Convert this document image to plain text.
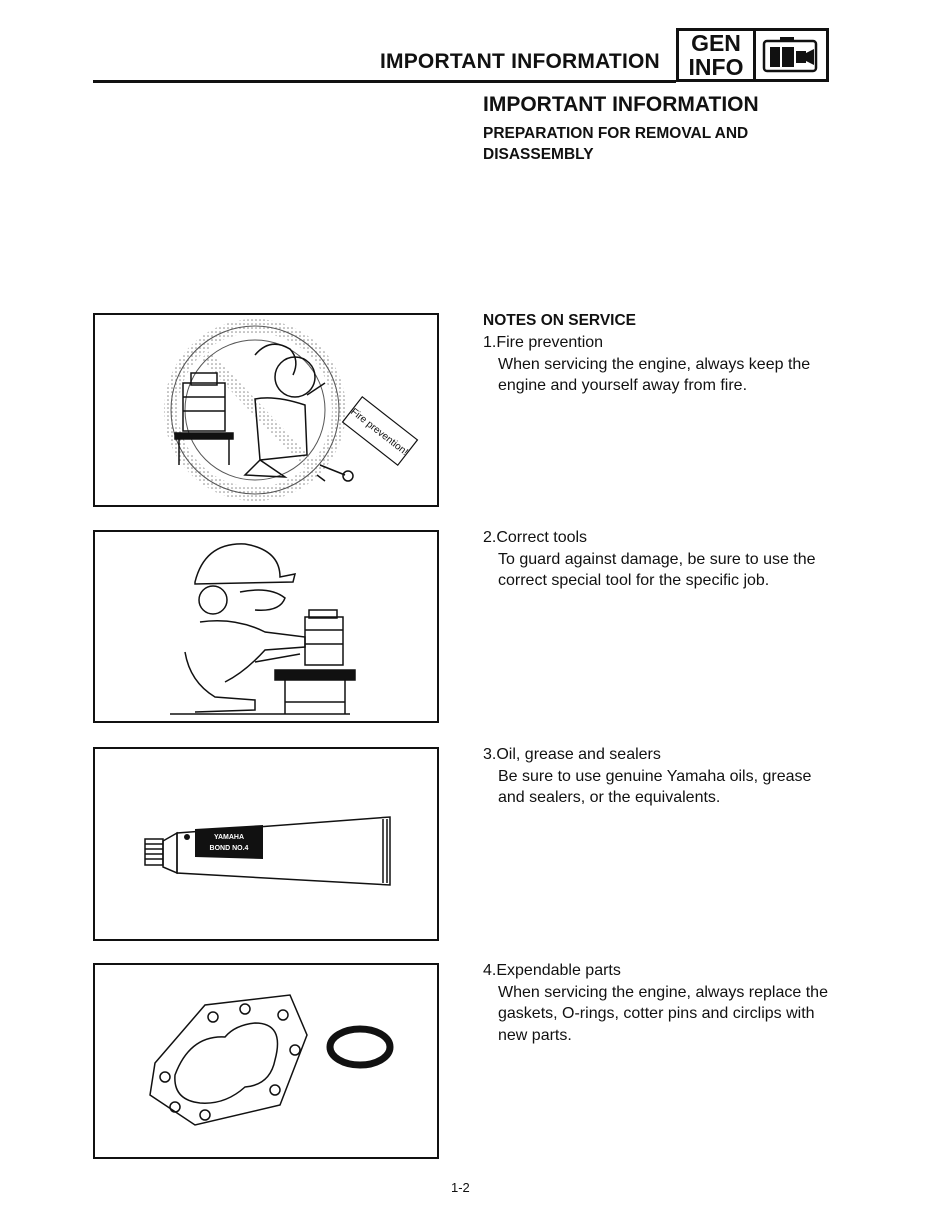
IMPORTANT INFORMATION
GEN
INFO
IMPORTANT INFORMATION
PREPARATION FOR REMOVAL AND DISASSEMBLY
NOTES ON SERVICE
1.Fire prevention
When servicing the engine, always keep the engine and yourself away from fire.
2.Correct tools
To guard against damage, be sure to use the correct special tool for the specific job.
3.Oil, grease and sealers
Be sure to use genuine Yamaha oils, grease and sealers, or the equivalents.
4.Expendable parts
When servicing the engine, always replace the gaskets, O-rings, cotter pins and circlips with new parts.
Fire prevention!
YAMAHA
BOND NO.4
1-2
